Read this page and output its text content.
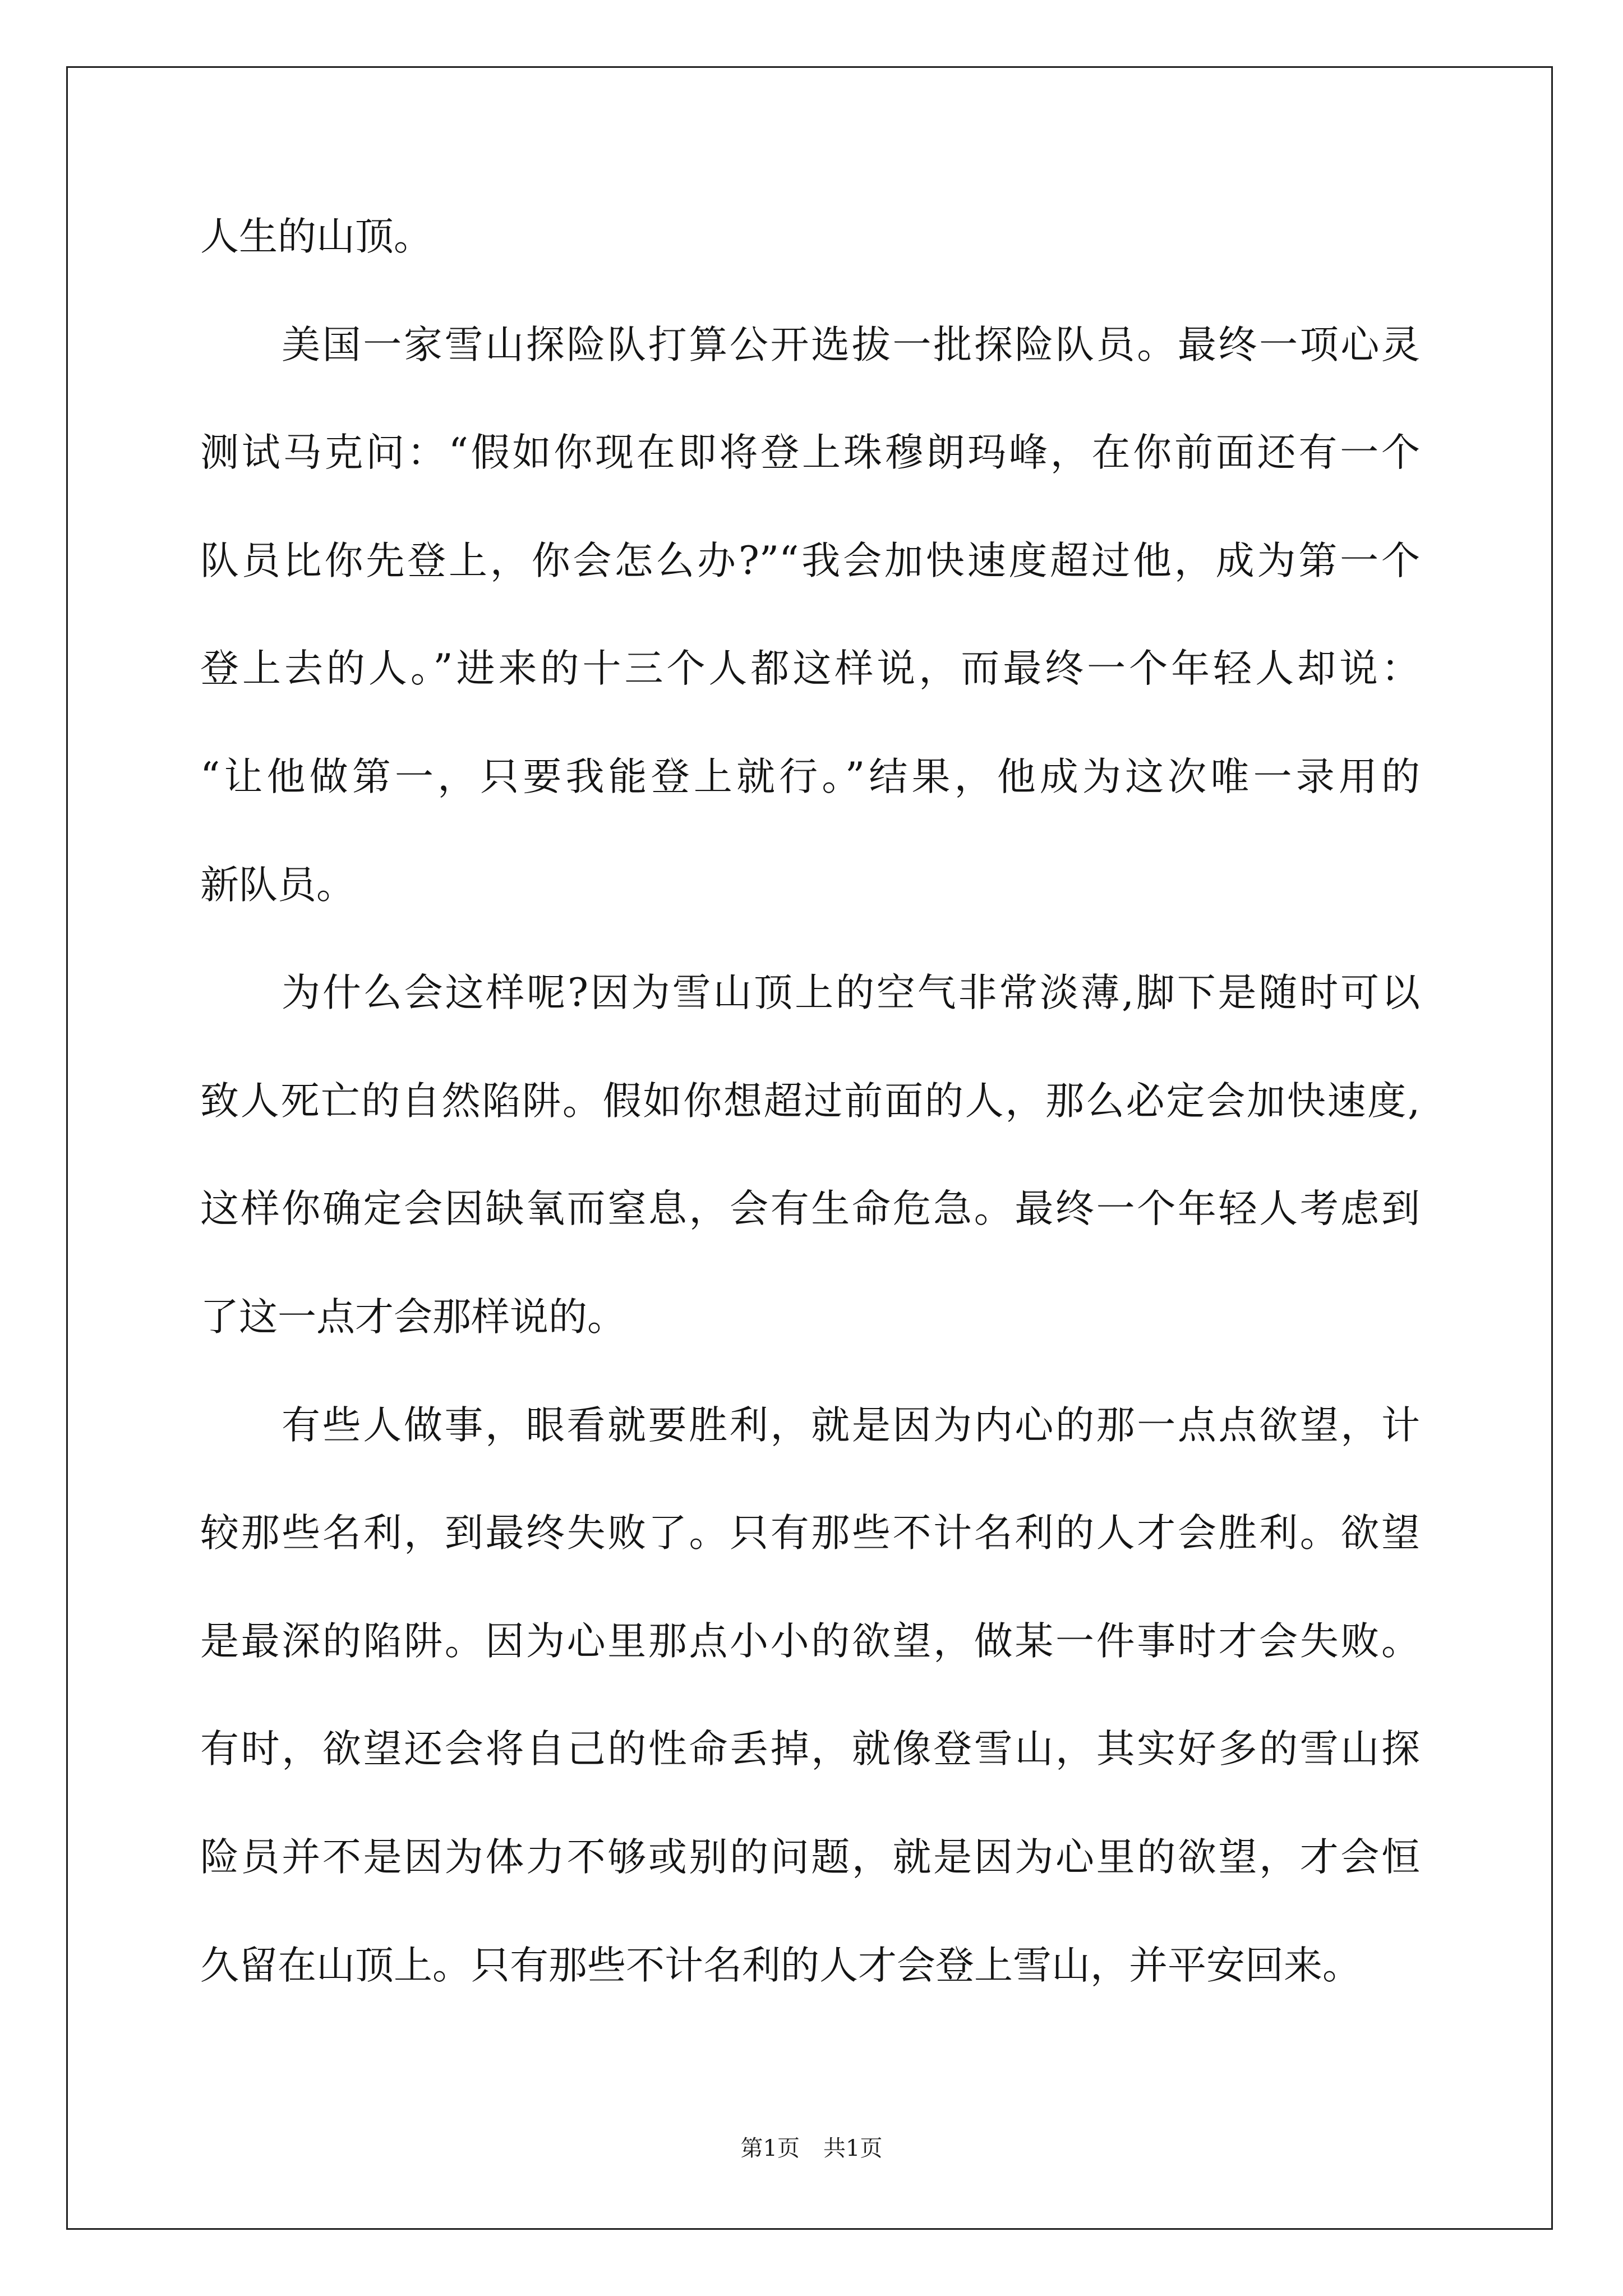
人生的山顶。
美国一家雪山探险队打算公开选拔一批探险队员。最终一项心灵
测试马克问：“假如你现在即将登上珠穆朗玛峰，在你前面还有一个
队员比你先登上，你会怎么办?”“我会加快速度超过他，成为第一个
登上去的人。”进来的十三个人都这样说，而最终一个年轻人却说：
“让他做第一，只要我能登上就行。”结果，他成为这次唯一录用的
新队员。
为什么会这样呢?因为雪山顶上的空气非常淡薄,脚下是随时可以
致人死亡的自然陷阱。假如你想超过前面的人，那么必定会加快速度,
这样你确定会因缺氧而窒息，会有生命危急。最终一个年轻人考虑到
了这一点才会那样说的。
有些人做事，眼看就要胜利，就是因为内心的那一点点欲望，计
较那些名利，到最终失败了。只有那些不计名利的人才会胜利。欲望
是最深的陷阱。因为心里那点小小的欲望，做某一件事时才会失败。
有时，欲望还会将自己的性命丢掉，就像登雪山，其实好多的雪山探
险员并不是因为体力不够或别的问题，就是因为心里的欲望，才会恒
久留在山顶上。只有那些不计名利的人才会登上雪山，并平安回来。
第1页 共1页
